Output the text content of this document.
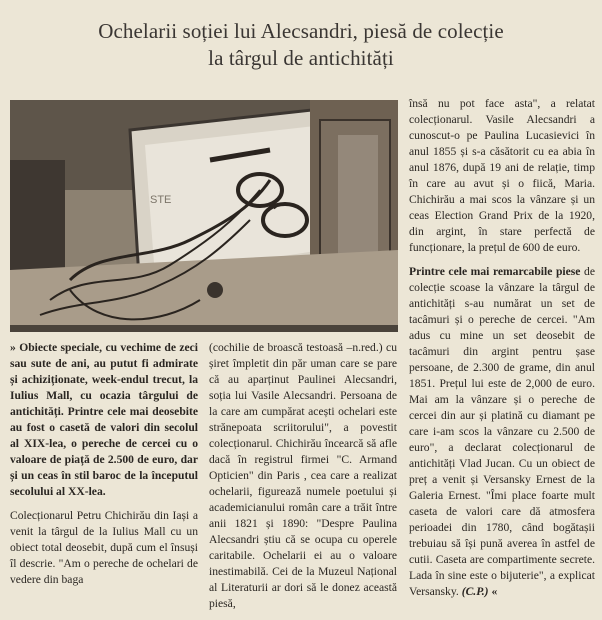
Ochelarii soției lui Alecsandri, piesă de colecție
la târgul de antichități
STE

» Obiecte speciale, cu vechime de zeci sau sute de ani, au putut fi admirate și achiziționate, week-endul trecut, la Iulius Mall, cu ocazia târgului de antichități. Printre cele mai deosebite au fost o casetă de valori din secolul al XIX-lea, o pereche de cercei cu o valoare de piață de 2.500 de euro, dar și un ceas în stil baroc de la începutul secolului al XX-lea.

Colecționarul Petru Chichirău din Iași a venit la târgul de la Iulius Mall cu un obiect total deosebit, după cum el însuși îl descrie. "Am o pereche de ochelari de vedere din baga

(cochilie de broască testoasă –n.red.) cu șiret împletit din păr uman care se pare că au aparținut Paulinei Alecsandri, soția lui Vasile Alecsandri. Persoana de la care am cumpărat acești ochelari este strănepoata scriitorului", a povestit colecționarul. Chichirău încearcă să afle dacă în registrul firmei "C. Armand Opticien" din Paris , cea care a realizat ochelarii, figurează numele poetului și academicianului român care a trăit între anii 1821 și 1890: "Despre Paulina Alecsandri știu că se ocupa cu operele caritabile. Ochelarii ei au o valoare inestimabilă. Cei de la Muzeul Național al Literaturii ar dori să le donez această piesă,

însă nu pot face asta", a relatat colecționarul. Vasile Alecsandri a cunoscut-o pe Paulina Lucasievici în anul 1855 și s-a căsătorit cu ea abia în anul 1876, după 19 ani de relație, timp în care au avut și o fiică, Maria. Chichirău a mai scos la vânzare și un ceas Election Grand Prix de la 1920, din argint, în stare perfectă de funcționare, la prețul de 600 de euro.

Printre cele mai remarcabile piese de colecție scoase la vânzare la târgul de antichități s-au numărat un set de tacâmuri și o pereche de cercei. "Am adus cu mine un set deosebit de tacâmuri din argint pentru șase persoane, de 2.300 de grame, din anul 1851. Prețul lui este de 2,000 de euro. Mai am la vânzare și o pereche de cercei din aur și platină cu diamant pe care i-am scos la vânzare cu 2.500 de euro", a declarat colecționarul de antichități Vlad Jucan. Cu un obiect de preț a venit și Versansky Ernest de la Galeria Ernest. "Îmi place foarte mult caseta de valori care dă atmosfera perioadei din 1780, când bogătașii trebuiau să își pună averea în astfel de cutii. Caseta are compartimente secrete. Lada în sine este o bijuterie", a explicat Versansky. (C.P.) «
